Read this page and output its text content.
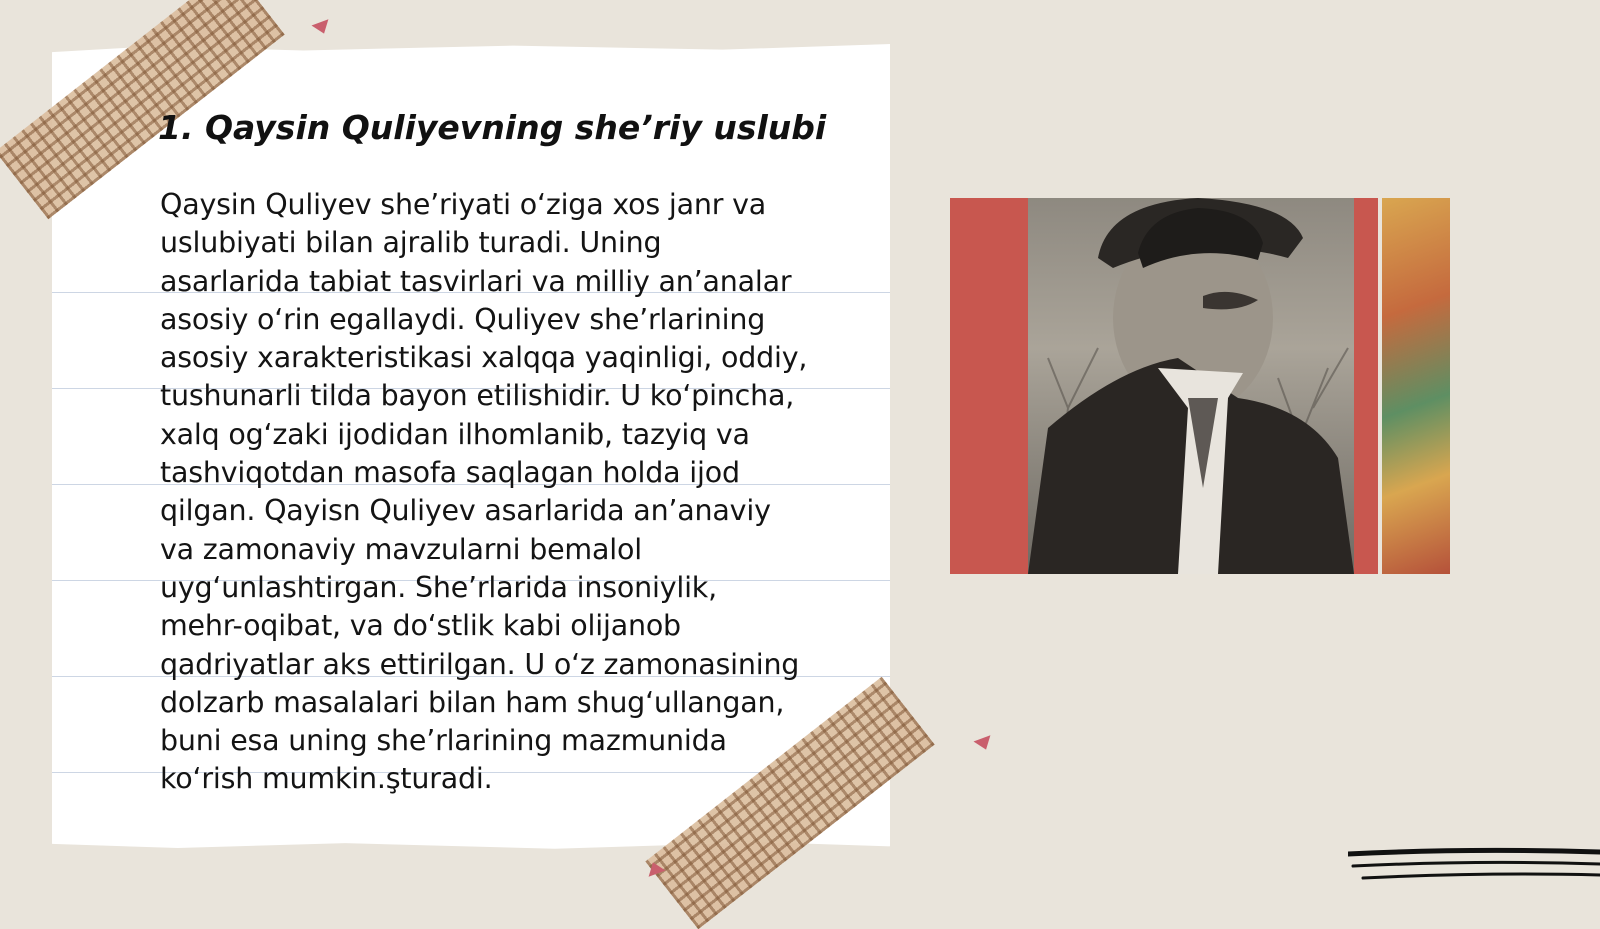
1. Qaysin Quliyevning she’riy uslubi

Qaysin Quliyev she’riyati o‘ziga xos janr va
uslubiyati bilan ajralib turadi. Uning
asarlarida tabiat tasvirlari va milliy an’analar
asosiy o‘rin egallaydi. Quliyev she’rlarining
asosiy xarakteristikasi xalqqa yaqinligi, oddiy,
tushunarli tilda bayon etilishidir. U ko‘pincha,
xalq og‘zaki ijodidan ilhomlanib, tazyiq va
tashviqotdan masofa saqlagan holda ijod
qilgan. Qayisn Quliyev asarlarida an’anaviy
va zamonaviy mavzularni bemalol
uyg‘unlashtirgan. She’rlarida insoniylik,
mehr-oqibat, va do‘stlik kabi olijanob
qadriyatlar aks ettirilgan. U o‘z zamonasining
dolzarb masalalari bilan ham shug‘ullangan,
buni esa uning she’rlarining mazmunida
ko‘rish mumkin.şturadi.
